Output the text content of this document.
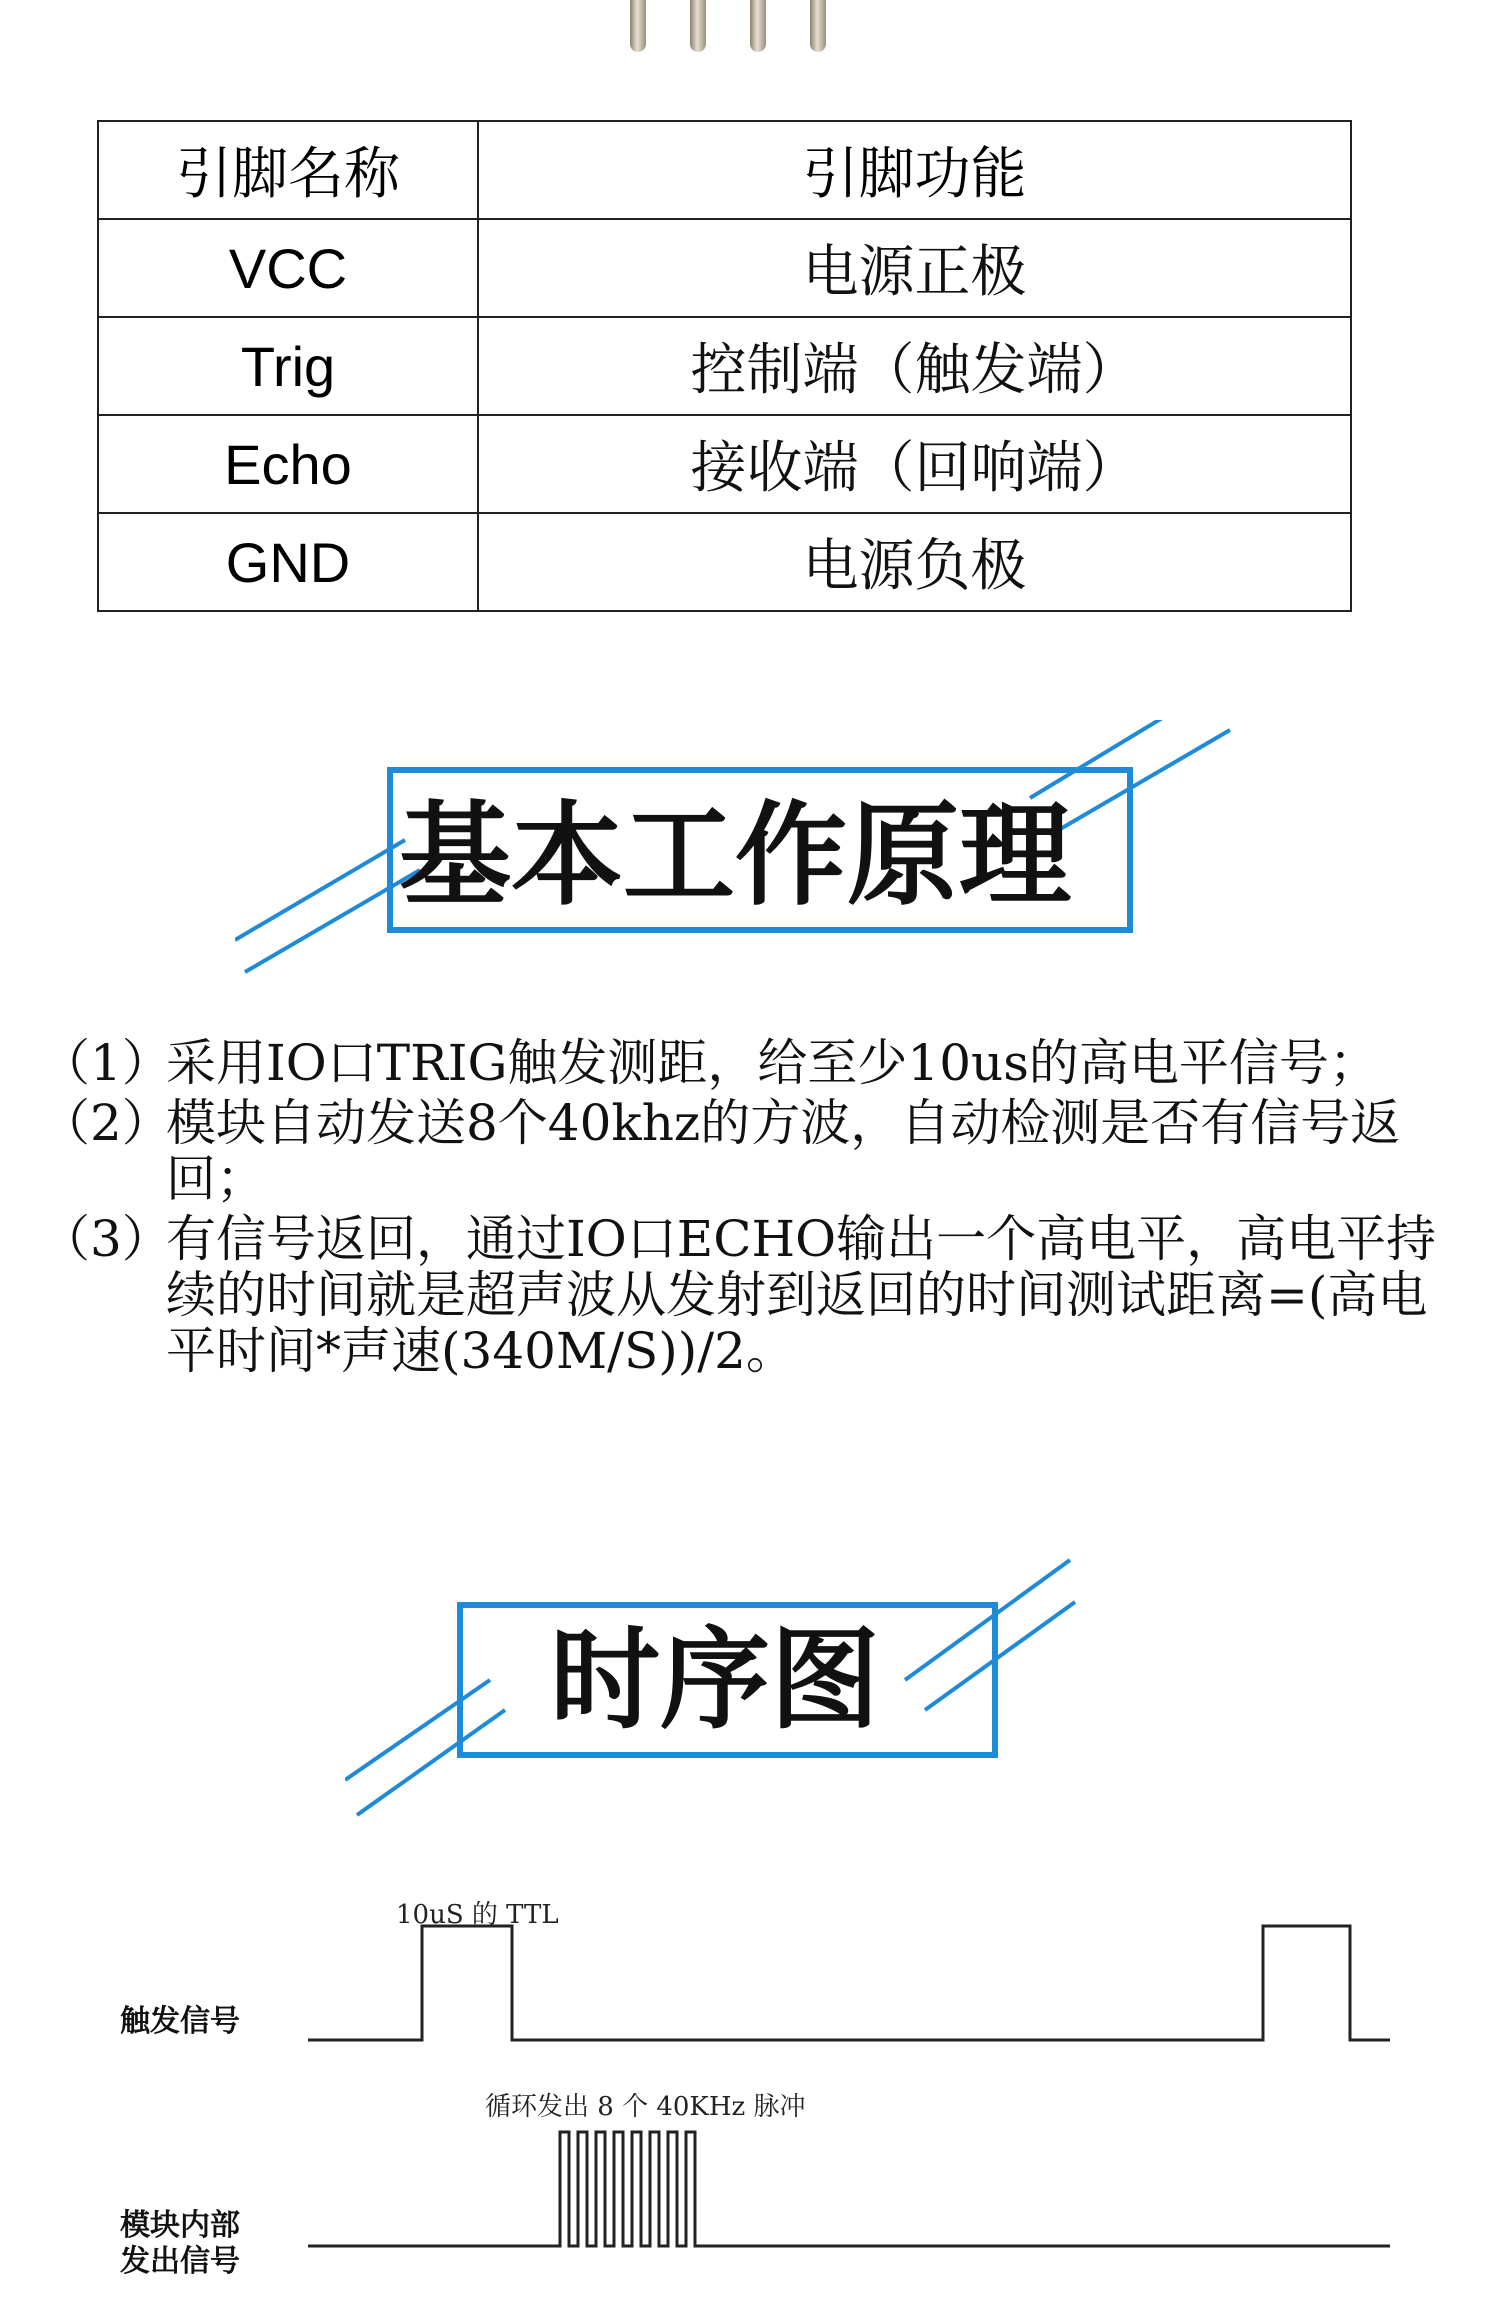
引脚名称	引脚功能
VCC	电源正极
Trig	控制端（触发端）
Echo	接收端（回响端）
GND	电源负极
基本工作原理
（1）
采用IO口TRIG触发测距，给至少10us的高电平信号；
（2）
模块自动发送8个40khz的方波，自动检测是否有信号返回；
（3）
有信号返回，通过IO口ECHO输出一个高电平，高电平持续的时间就是超声波从发射到返回的时间测试距离=(高电平时间*声速(340M/S))/2。
时序图
10uS 的 TTL
触发信号
循环发出 8 个 40KHz 脉冲
模块内部
发出信号
